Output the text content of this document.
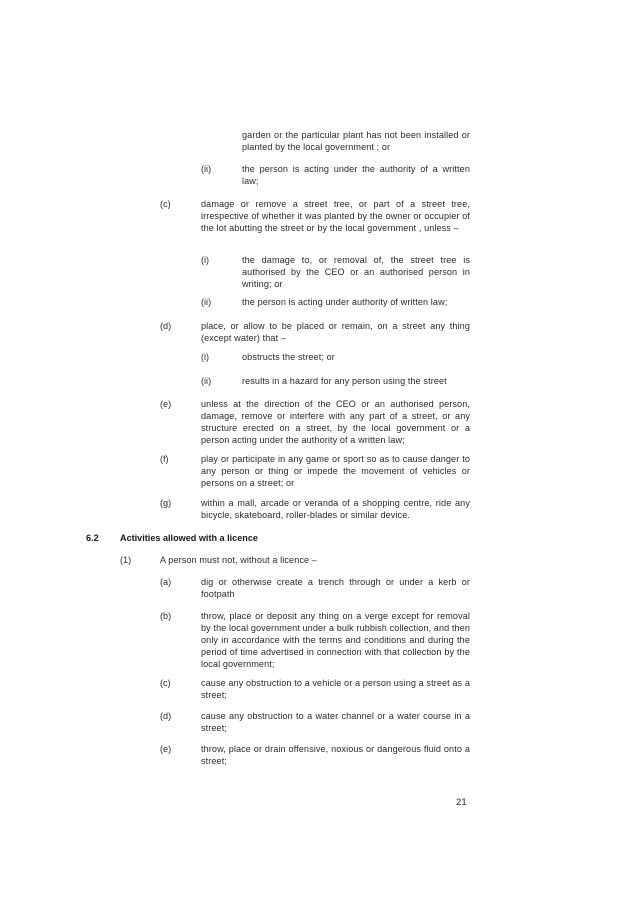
garden or the particular plant has not been installed or planted by the local government ; or
(ii)	the person is acting under the authority of a written law;
(c)	damage or remove a street tree, or part of a street tree, irrespective of whether it was planted by the owner or occupier of the lot abutting the street or by the local government , unless –
(i)	the damage to, or removal of, the street tree is authorised by the CEO or an authorised person in writing; or
(ii)	the person is acting under authority of written law;
(d)	place, or allow to be placed or remain, on a street any thing (except water) that –
(i)	obstructs the street; or
(ii)	results in a hazard for any person using the street
(e)	unless at the direction of the CEO or an authorised person, damage, remove or interfere with any part of a street, or any structure erected on a street, by the local government or a person acting under the authority of a written law;
(f)	play or participate in any game or sport so as to cause danger to any person or thing or impede the movement of vehicles or persons on a street; or
(g)	within a mall, arcade or veranda of a shopping centre, ride any bicycle, skateboard, roller-blades or similar device.
6.2 Activities allowed with a licence
(1)	A person must not, without a licence –
(a)	dig or otherwise create a trench through or under a kerb or footpath
(b)	throw, place or deposit any thing on a verge except for removal by the local government under a bulk rubbish collection, and then only in accordance with the terms and conditions and during the period of time advertised in connection with that collection by the local government;
(c)	cause any obstruction to a vehicle or a person using a street as a street;
(d)	cause any obstruction to a water channel or a water course in a street;
(e)	throw, place or drain offensive, noxious or dangerous fluid onto a street;
21
